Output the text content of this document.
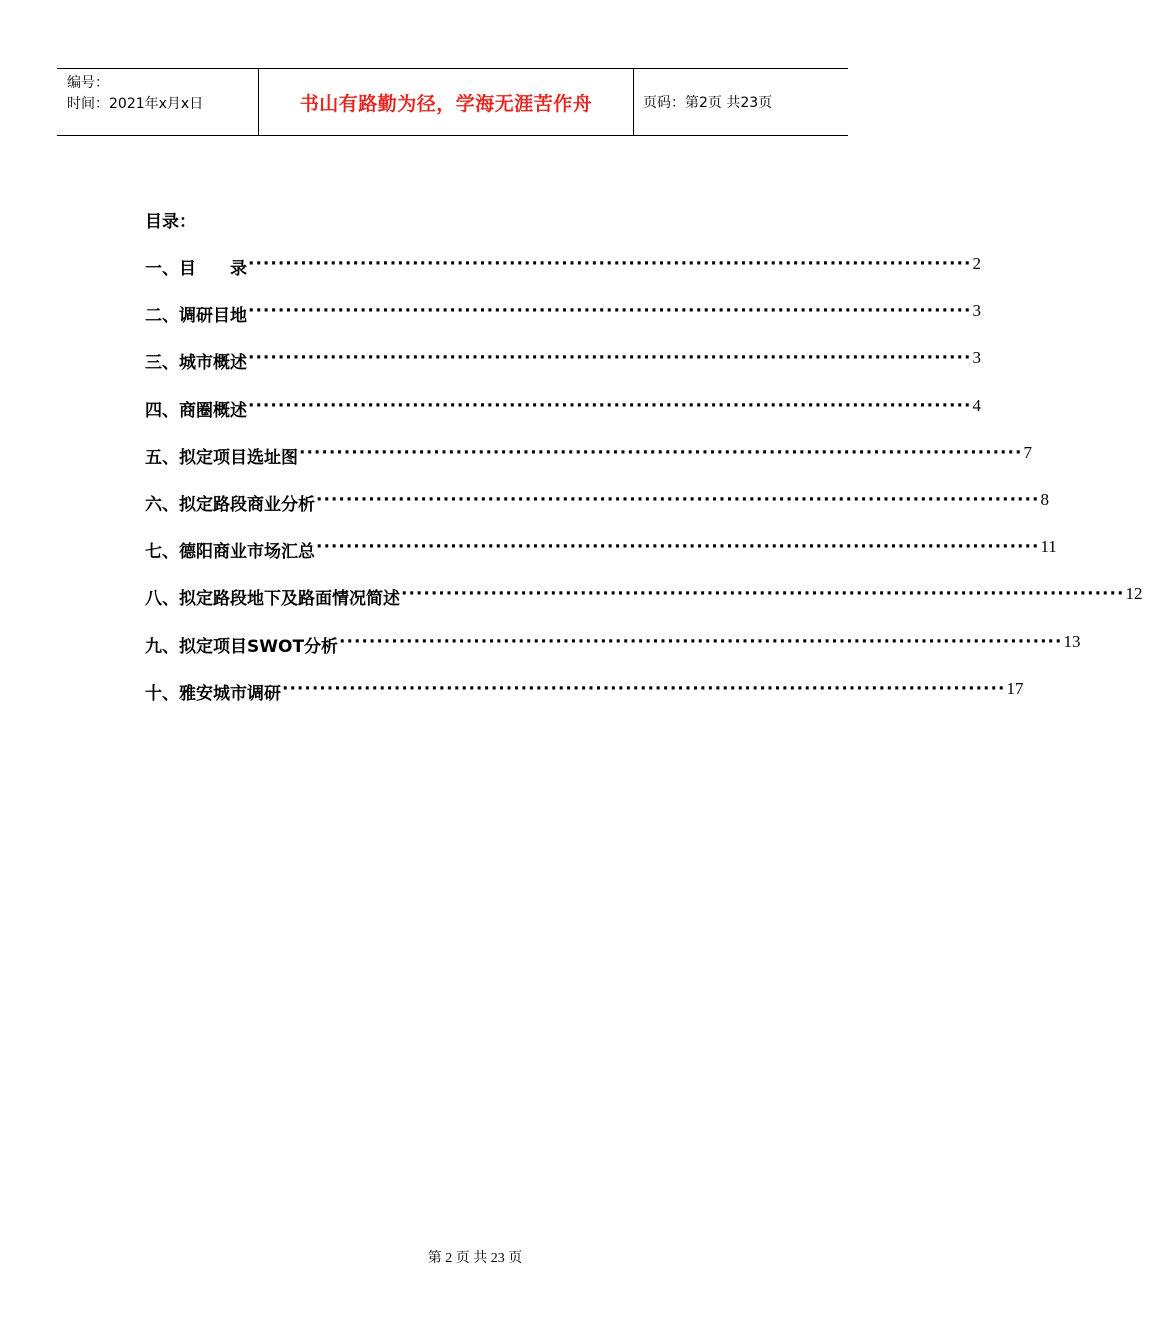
编号：
时间：2021年x月x日	书山有路勤为径，学海无涯苦作舟	页码：第2页 共23页
目录：
一、目　　录 ································································································· 2
二、调研目地 ································································································· 3
三、城市概述 ································································································· 3
四、商圈概述 ································································································· 4
五、拟定项目选址图 ································································································· 7
六、拟定路段商业分析 ································································································· 8
七、德阳商业市场汇总 ································································································· 11
八、拟定路段地下及路面情况简述 ································································································· 12
九、拟定项目SWOT分析 ································································································· 13
十、雅安城市调研 ································································································· 17
第 2 页 共 23 页
